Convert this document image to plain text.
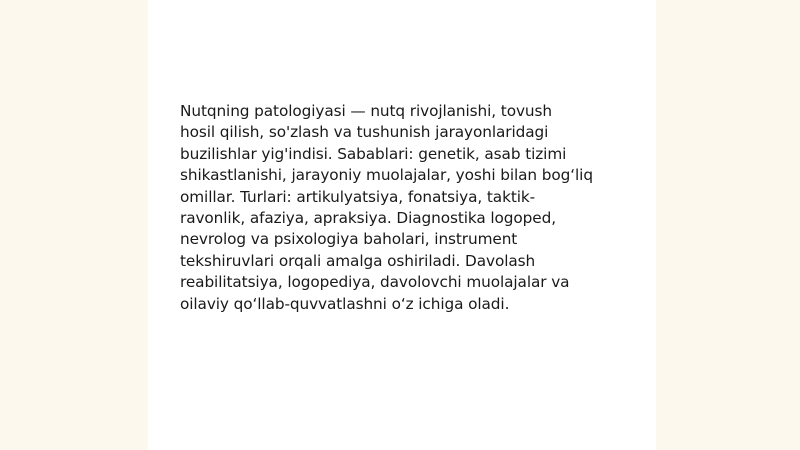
Nutqning patologiyasi — nutq rivojlanishi, tovush
hosil qilish, so'zlash va tushunish jarayonlaridagi
buzilishlar yig'indisi. Sabablari: genetik, asab tizimi
shikastlanishi, jarayoniy muolajalar, yoshi bilan bog‘liq
omillar. Turlari: artikulyatsiya, fonatsiya, taktik-
ravonlik, afaziya, apraksiya. Diagnostika logoped,
nevrolog va psixologiya baholari, instrument
tekshiruvlari orqali amalga oshiriladi. Davolash
reabilitatsiya, logopediya, davolovchi muolajalar va
oilaviy qo‘llab-quvvatlashni o‘z ichiga oladi.
